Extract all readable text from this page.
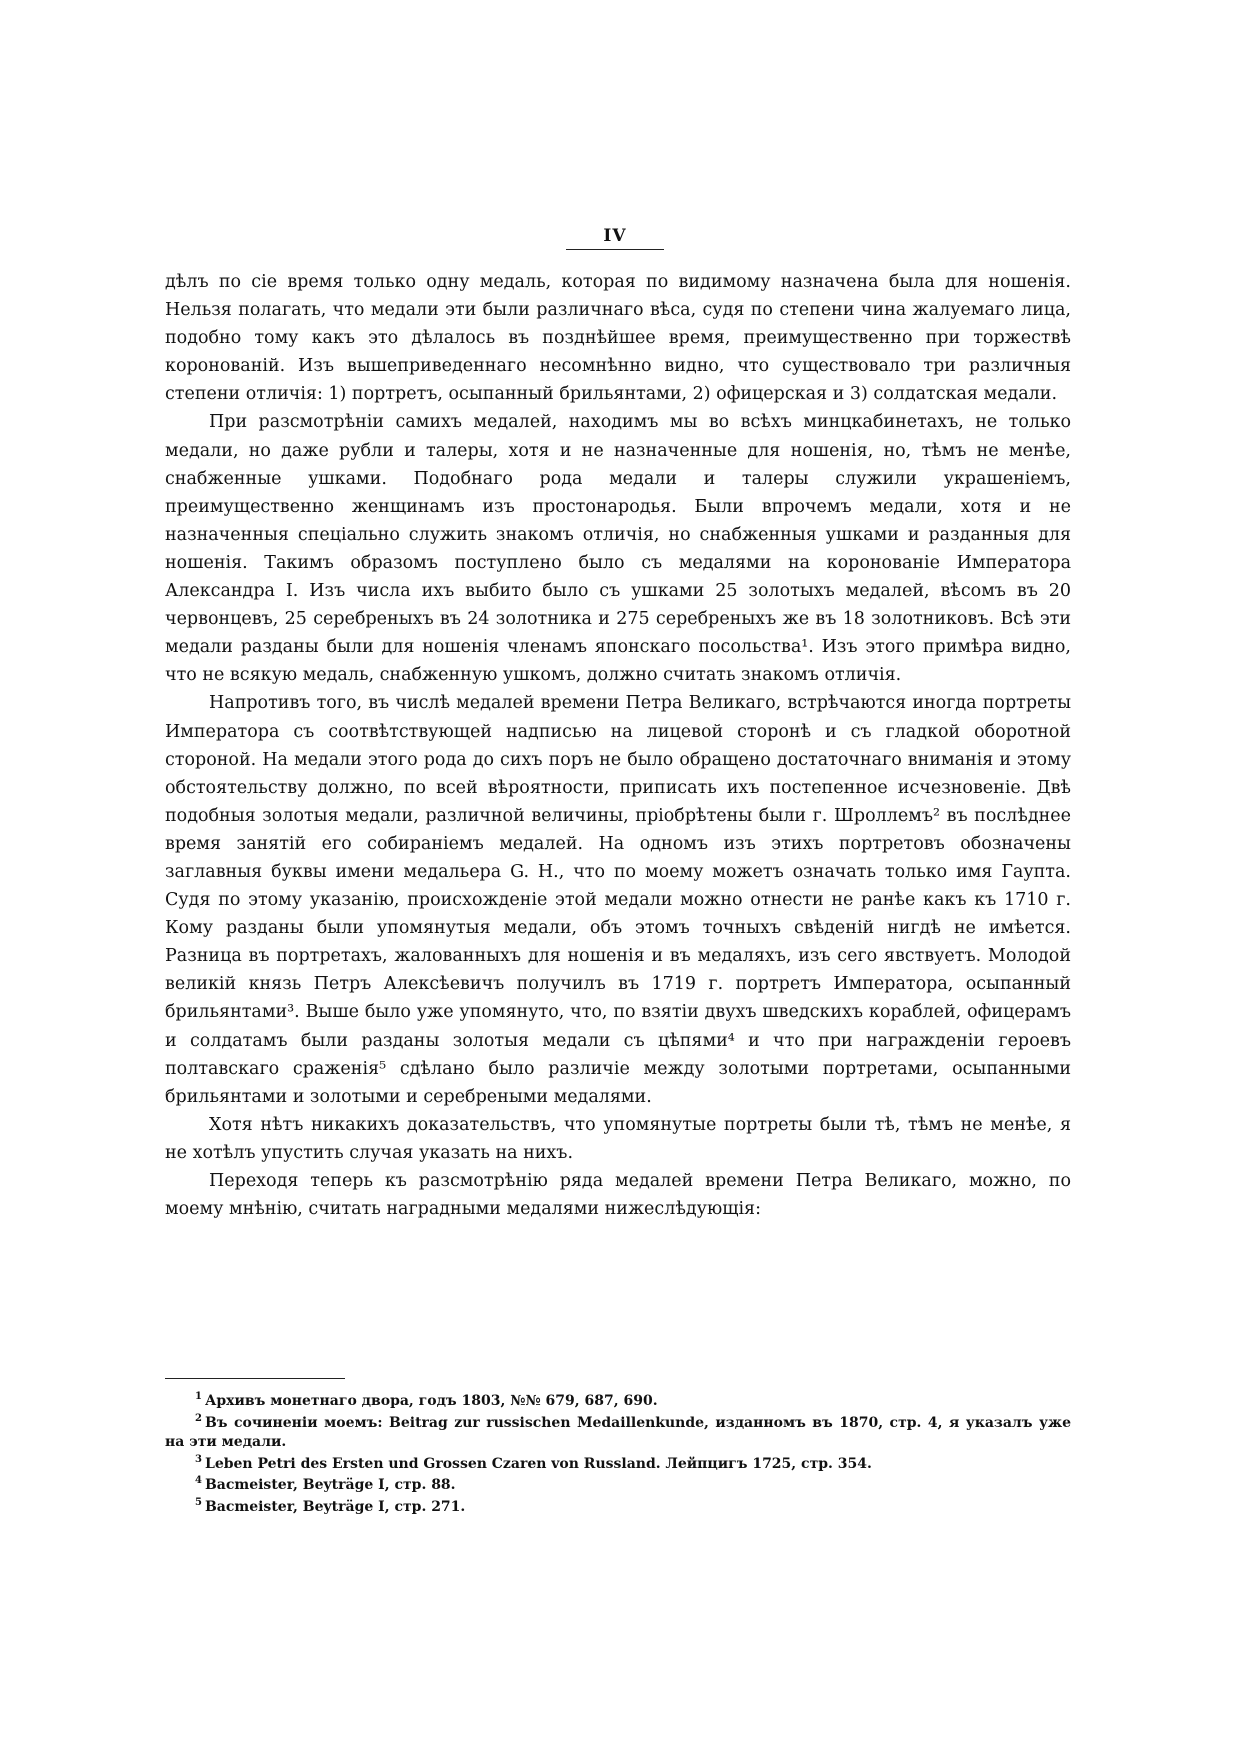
IV

дѣлъ по сіе время только одну медаль, которая по видимому назначена была для ношенія. Нельзя полагать, что медали эти были различнаго вѣса, судя по степени чина жалуемаго лица, подобно тому какъ это дѣлалось въ позднѣйшее время, преимущественно при торжествѣ коронованій. Изъ вышеприведеннаго несомнѣнно видно, что существовало три различныя степени отличія: 1) портретъ, осыпанный брильянтами, 2) офицерская и 3) солдатская медали.

При разсмотрѣніи самихъ медалей, находимъ мы во всѣхъ минцкабинетахъ, не только медали, но даже рубли и талеры, хотя и не назначенные для ношенія, но, тѣмъ не менѣе, снабженные ушками. Подобнаго рода медали и талеры служили украшеніемъ, преимущественно женщинамъ изъ простонародья. Были впрочемъ медали, хотя и не назначенныя спеціально служить знакомъ отличія, но снабженныя ушками и разданныя для ношенія. Такимъ образомъ поступлено было съ медалями на коронованіе Императора Александра I. Изъ числа ихъ выбито было съ ушками 25 золотыхъ медалей, вѣсомъ въ 20 червонцевъ, 25 серебреныхъ въ 24 золотника и 275 серебреныхъ же въ 18 золотниковъ. Всѣ эти медали разданы были для ношенія членамъ японскаго посольства¹. Изъ этого примѣра видно, что не всякую медаль, снабженную ушкомъ, должно считать знакомъ отличія.

Напротивъ того, въ числѣ медалей времени Петра Великаго, встрѣчаются иногда портреты Императора съ соотвѣтствующей надписью на лицевой сторонѣ и съ гладкой оборотной стороной. На медали этого рода до сихъ поръ не было обращено достаточнаго вниманія и этому обстоятельству должно, по всей вѣроятности, приписать ихъ постепенное исчезновеніе. Двѣ подобныя золотыя медали, различной величины, пріобрѣтены были г. Шроллемъ² въ послѣднее время занятій его собираніемъ медалей. На одномъ изъ этихъ портретовъ обозначены заглавныя буквы имени медальера G. H., что по моему можетъ означать только имя Гаупта. Судя по этому указанію, происхожденіе этой медали можно отнести не ранѣе какъ къ 1710 г. Кому разданы были упомянутыя медали, объ этомъ точныхъ свѣденій нигдѣ не имѣется. Разница въ портретахъ, жалованныхъ для ношенія и въ медаляхъ, изъ сего явствуетъ. Молодой великій князь Петръ Алексѣевичъ получилъ въ 1719 г. портретъ Императора, осыпанный брильянтами³. Выше было уже упомянуто, что, по взятіи двухъ шведскихъ кораблей, офицерамъ и солдатамъ были разданы золотыя медали съ цѣпями⁴ и что при награжденіи героевъ полтавскаго сраженія⁵ сдѣлано было различіе между золотыми портретами, осыпанными брильянтами и золотыми и серебреными медалями.

Хотя нѣтъ никакихъ доказательствъ, что упомянутые портреты были тѣ, тѣмъ не менѣе, я не хотѣлъ упустить случая указать на нихъ.

Переходя теперь къ разсмотрѣнію ряда медалей времени Петра Великаго, можно, по моему мнѣнію, считать наградными медалями нижеслѣдующія:

$^1$ Архивъ монетнаго двора, годъ 1803, №№ 679, 687, 690.
$^2$ Въ сочиненіи моемъ: Beitrag zur russischen Medaillenkunde, изданномъ въ 1870, стр. 4, я указалъ уже на эти медали.
$^3$ Leben Petri des Ersten und Grossen Czaren von Russland. Лейпцигъ 1725, стр. 354.
$^4$ Bacmeister, Beyträge I, стр. 88.
$^5$ Bacmeister, Beyträge I, стр. 271.
